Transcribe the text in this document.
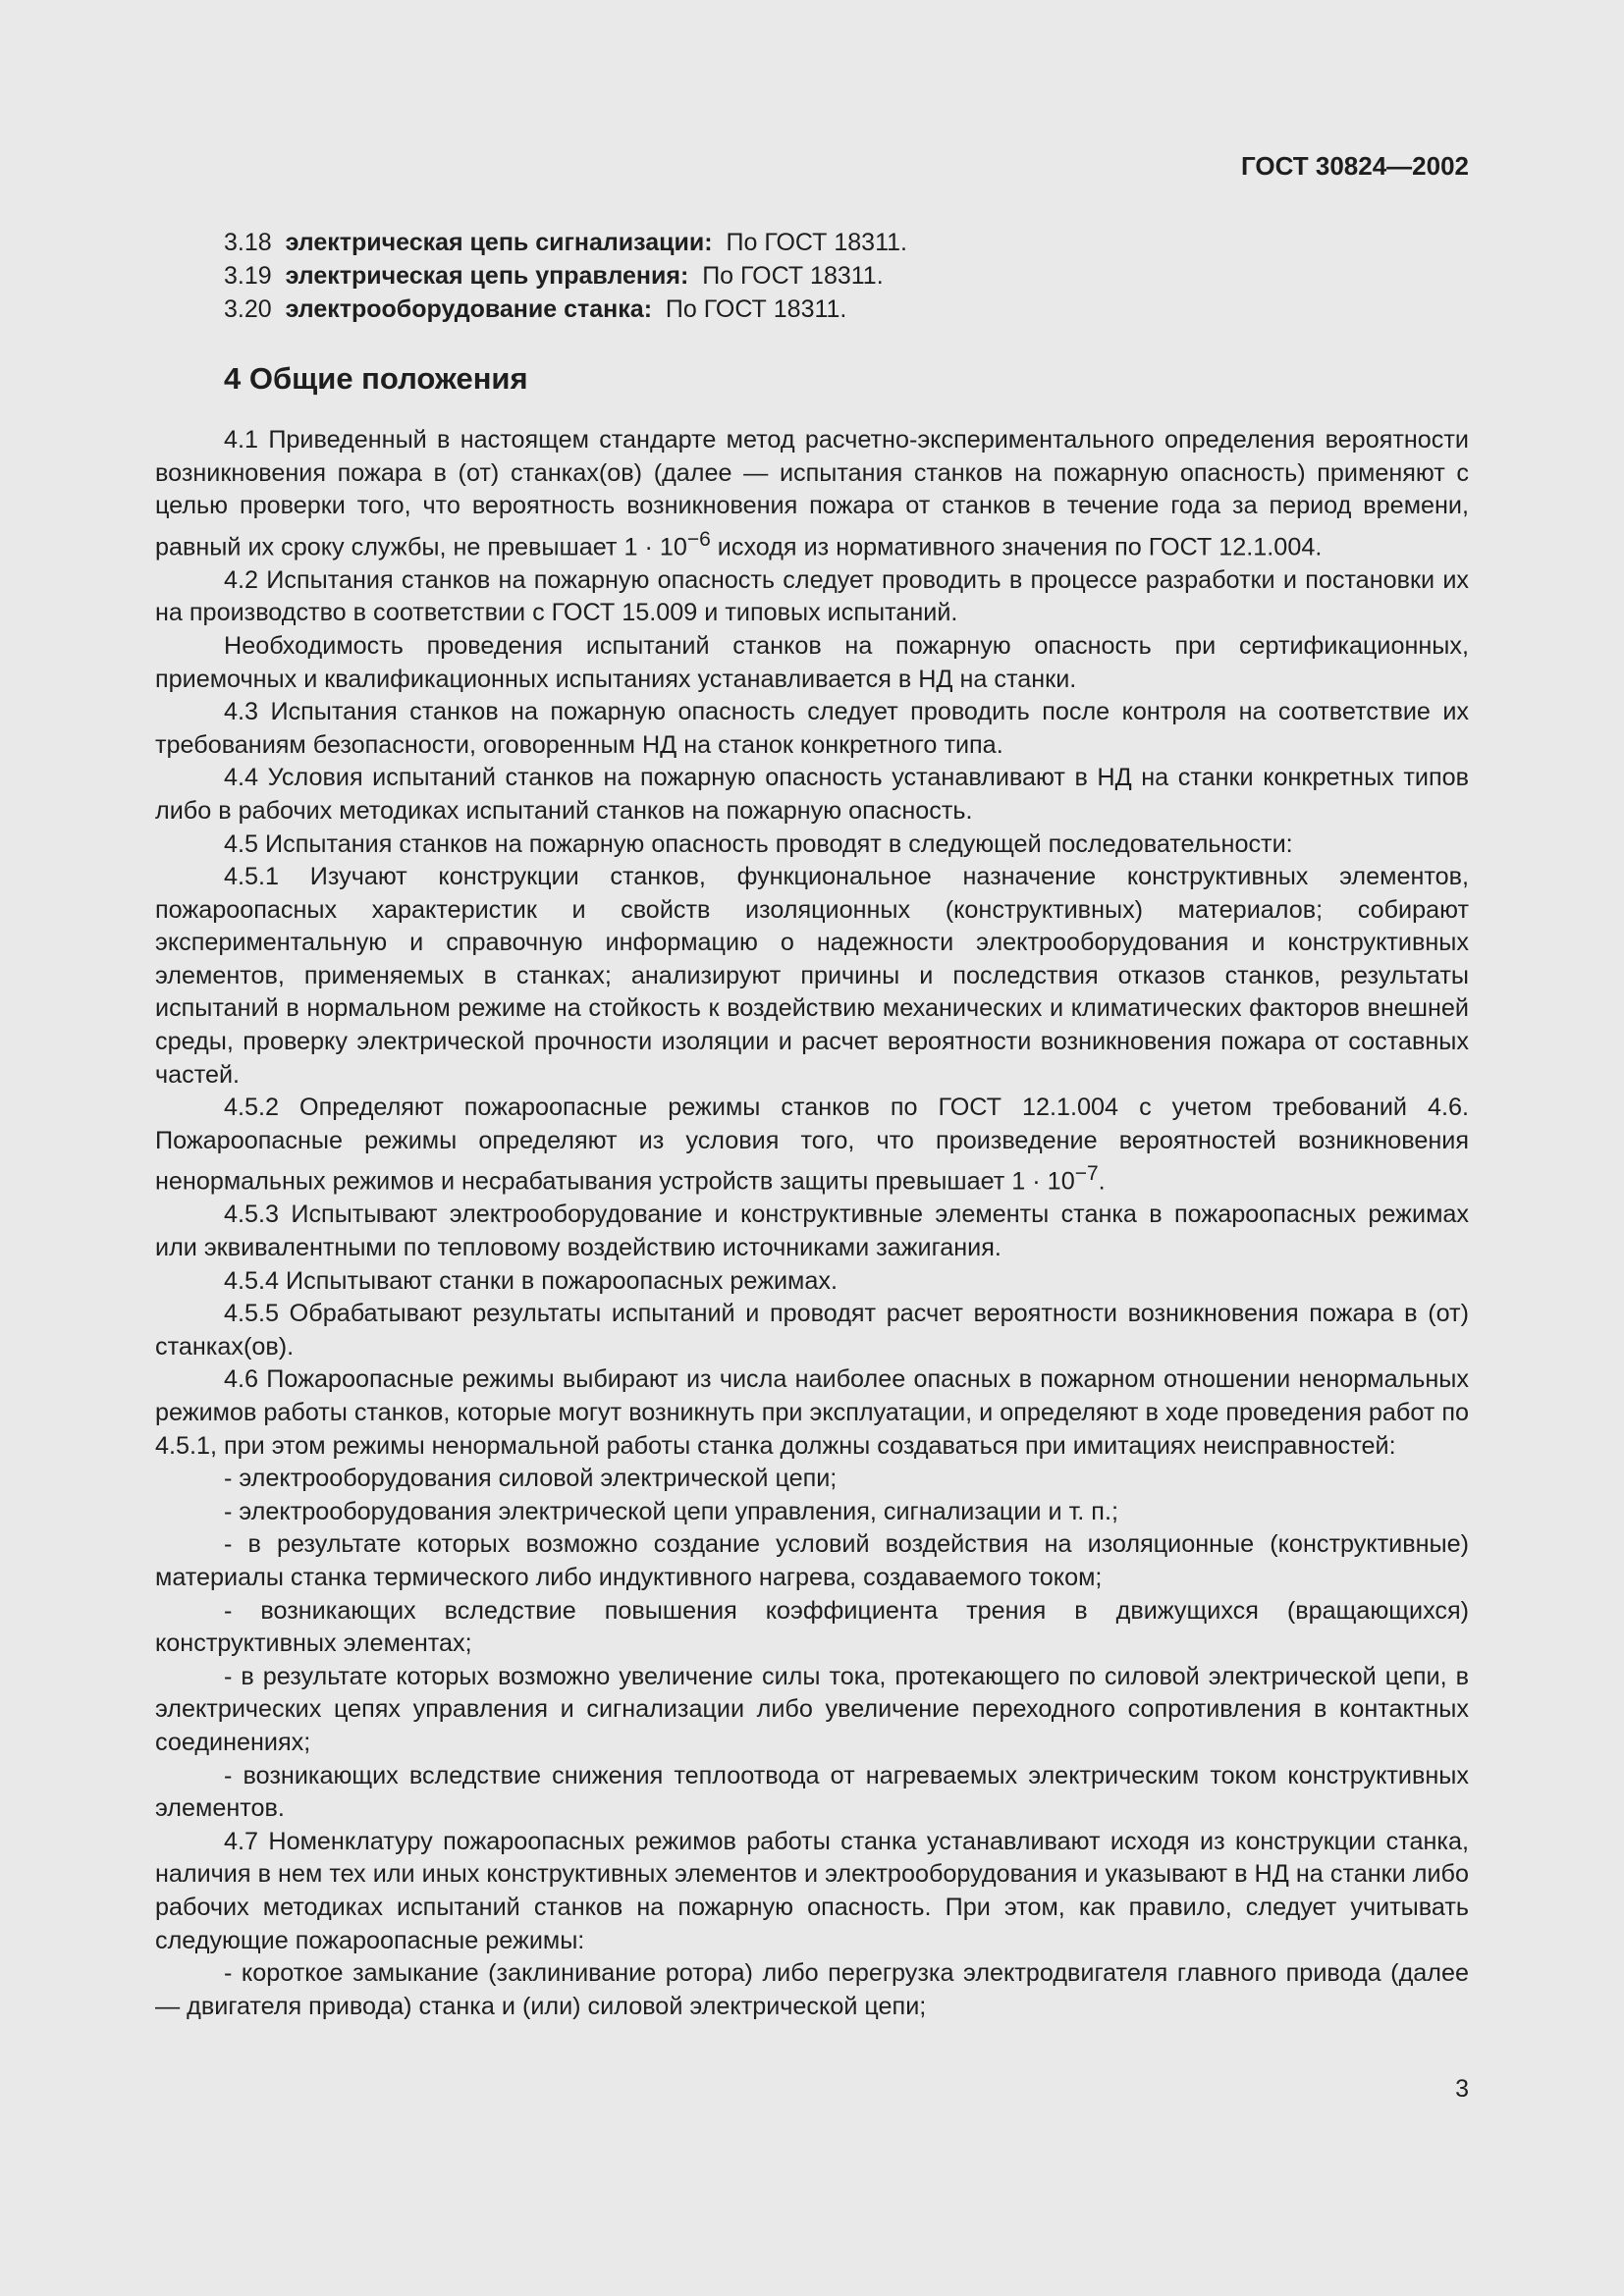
ГОСТ 30824—2002

3.18 электрическая цепь сигнализации: По ГОСТ 18311.

3.19 электрическая цепь управления: По ГОСТ 18311.

3.20 электрооборудование станка: По ГОСТ 18311.

4 Общие положения

4.1 Приведенный в настоящем стандарте метод расчетно-экспериментального определения вероятности возникновения пожара в (от) станках(ов) (далее — испытания станков на пожарную опасность) применяют с целью проверки того, что вероятность возникновения пожара от станков в течение года за период времени, равный их сроку службы, не превышает $1 \cdot 10^{-6}$ исходя из нормативного значения по ГОСТ 12.1.004.

4.2 Испытания станков на пожарную опасность следует проводить в процессе разработки и постановки их на производство в соответствии с ГОСТ 15.009 и типовых испытаний.

Необходимость проведения испытаний станков на пожарную опасность при сертификационных, приемочных и квалификационных испытаниях устанавливается в НД на станки.

4.3 Испытания станков на пожарную опасность следует проводить после контроля на соответствие их требованиям безопасности, оговоренным НД на станок конкретного типа.

4.4 Условия испытаний станков на пожарную опасность устанавливают в НД на станки конкретных типов либо в рабочих методиках испытаний станков на пожарную опасность.

4.5 Испытания станков на пожарную опасность проводят в следующей последовательности:

4.5.1 Изучают конструкции станков, функциональное назначение конструктивных элементов, пожароопасных характеристик и свойств изоляционных (конструктивных) материалов; собирают экспериментальную и справочную информацию о надежности электрооборудования и конструктивных элементов, применяемых в станках; анализируют причины и последствия отказов станков, результаты испытаний в нормальном режиме на стойкость к воздействию механических и климатических факторов внешней среды, проверку электрической прочности изоляции и расчет вероятности возникновения пожара от составных частей.

4.5.2 Определяют пожароопасные режимы станков по ГОСТ 12.1.004 с учетом требований 4.6. Пожароопасные режимы определяют из условия того, что произведение вероятностей возникновения ненормальных режимов и несрабатывания устройств защиты превышает $1 \cdot 10^{-7}$.

4.5.3 Испытывают электрооборудование и конструктивные элементы станка в пожароопасных режимах или эквивалентными по тепловому воздействию источниками зажигания.

4.5.4 Испытывают станки в пожароопасных режимах.

4.5.5 Обрабатывают результаты испытаний и проводят расчет вероятности возникновения пожара в (от) станках(ов).

4.6 Пожароопасные режимы выбирают из числа наиболее опасных в пожарном отношении ненормальных режимов работы станков, которые могут возникнуть при эксплуатации, и определяют в ходе проведения работ по 4.5.1, при этом режимы ненормальной работы станка должны создаваться при имитациях неисправностей:

- электрооборудования силовой электрической цепи;

- электрооборудования электрической цепи управления, сигнализации и т. п.;

- в результате которых возможно создание условий воздействия на изоляционные (конструктивные) материалы станка термического либо индуктивного нагрева, создаваемого током;

- возникающих вследствие повышения коэффициента трения в движущихся (вращающихся) конструктивных элементах;

- в результате которых возможно увеличение силы тока, протекающего по силовой электрической цепи, в электрических цепях управления и сигнализации либо увеличение переходного сопротивления в контактных соединениях;

- возникающих вследствие снижения теплоотвода от нагреваемых электрическим током конструктивных элементов.

4.7 Номенклатуру пожароопасных режимов работы станка устанавливают исходя из конструкции станка, наличия в нем тех или иных конструктивных элементов и электрооборудования и указывают в НД на станки либо рабочих методиках испытаний станков на пожарную опасность. При этом, как правило, следует учитывать следующие пожароопасные режимы:

- короткое замыкание (заклинивание ротора) либо перегрузка электродвигателя главного привода (далее — двигателя привода) станка и (или) силовой электрической цепи;

3
